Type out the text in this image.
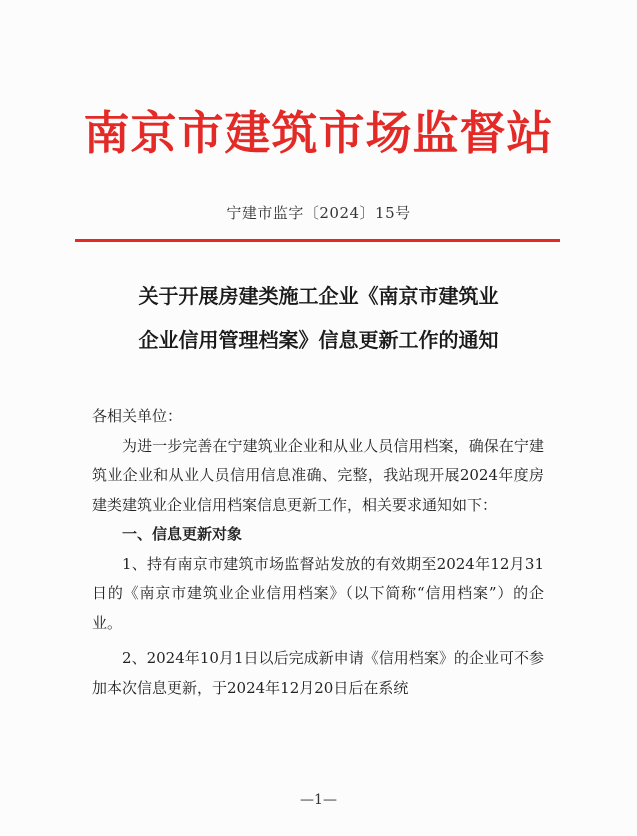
南京市建筑市场监督站
宁建市监字〔2024〕15号
关于开展房建类施工企业《南京市建筑业
企业信用管理档案》信息更新工作的通知

各相关单位：

为进一步完善在宁建筑业企业和从业人员信用档案，确保在宁建筑业企业和从业人员信用信息准确、完整，我站现开展2024年度房建类建筑业企业信用档案信息更新工作，相关要求通知如下：

一、信息更新对象

1、持有南京市建筑市场监督站发放的有效期至2024年12月31日的《南京市建筑业企业信用档案》（以下简称“信用档案”）的企业。

2、2024年10月1日以后完成新申请《信用档案》的企业可不参加本次信息更新，于2024年12月20日后在系统

—1—
